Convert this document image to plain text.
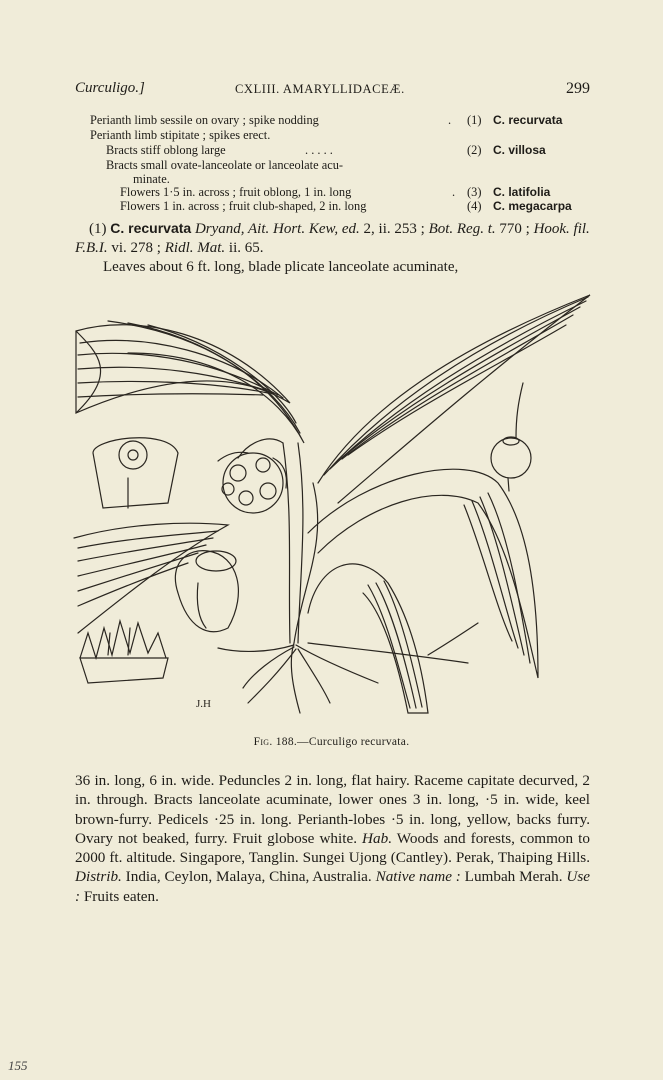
Curculigo.]	CXLIII. AMARYLLIDACEÆ.	299
Perianth limb sessile on ovary ; spike nodding	. (1) C. recurvata
Perianth limb stipitate ; spikes erect.
Bracts stiff oblong large	. . . . .	(2) C. villosa
Bracts small ovate-lanceolate or lanceolate acu-
minate.
Flowers 1·5 in. across ; fruit oblong, 1 in. long	. (3) C. latifolia
Flowers 1 in. across ; fruit club-shaped, 2 in. long	(4) C. megacarpa
(1) C. recurvata Dryand, Ait. Hort. Kew, ed. 2, ii. 253 ; Bot. Reg. t. 770 ; Hook. fil. F.B.I. vi. 278 ; Ridl. Mat. ii. 65.
Leaves about 6 ft. long, blade plicate lanceolate acuminate,
J.H
Fig. 188.—Curculigo recurvata.
36 in. long, 6 in. wide. Peduncles 2 in. long, flat hairy. Raceme capitate decurved, 2 in. through. Bracts lanceolate acuminate, lower ones 3 in. long, ·5 in. wide, keel brown-furry. Pedicels ·25 in. long. Perianth-lobes ·5 in. long, yellow, backs furry. Ovary not beaked, furry. Fruit globose white. Hab. Woods and forests, common to 2000 ft. altitude. Singapore, Tanglin. Sungei Ujong (Cantley). Perak, Thaiping Hills. Distrib. India, Ceylon, Malaya, China, Australia. Native name : Lumbah Merah. Use : Fruits eaten.
155
